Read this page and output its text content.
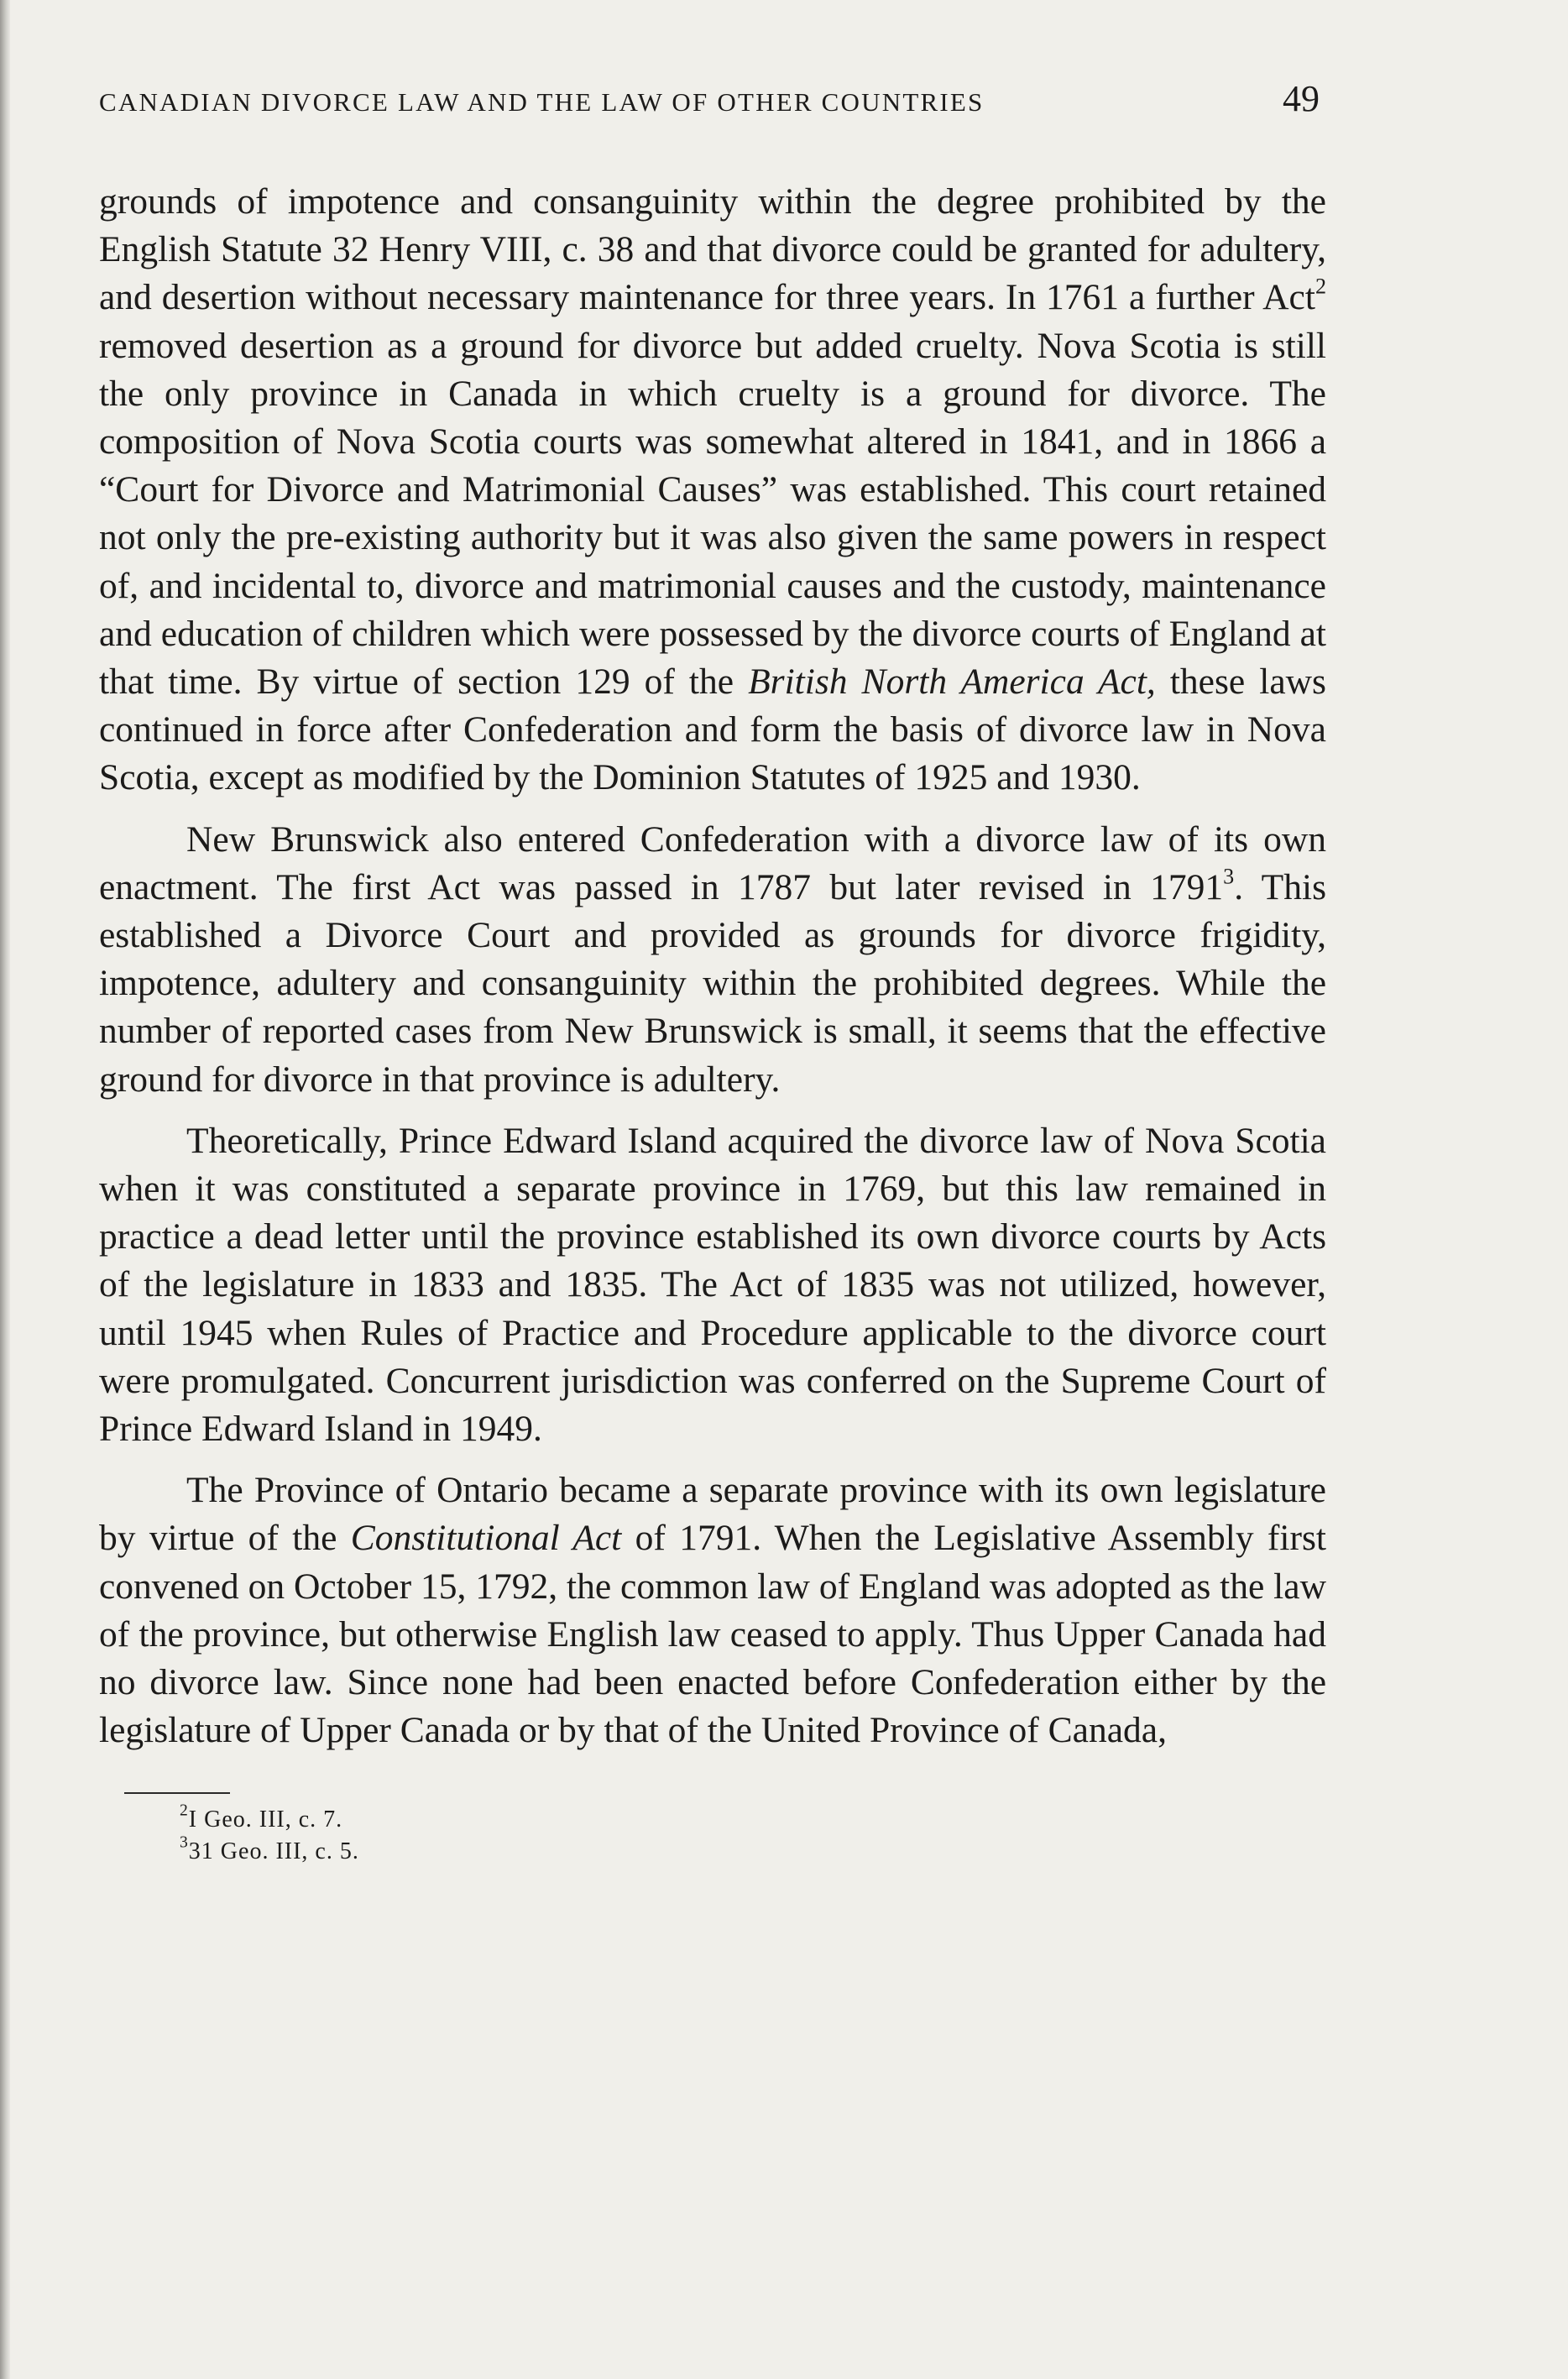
CANADIAN DIVORCE LAW AND THE LAW OF OTHER COUNTRIES	49

grounds of impotence and consanguinity within the degree prohibited by the English Statute 32 Henry VIII, c. 38 and that divorce could be granted for adultery, and desertion without necessary maintenance for three years. In 1761 a further Act$^2$ removed desertion as a ground for divorce but added cruelty. Nova Scotia is still the only province in Canada in which cruelty is a ground for divorce. The composition of Nova Scotia courts was somewhat altered in 1841, and in 1866 a “Court for Divorce and Matrimonial Causes” was established. This court retained not only the pre-existing authority but it was also given the same powers in respect of, and incidental to, divorce and matrimonial causes and the custody, maintenance and education of children which were possessed by the divorce courts of England at that time. By virtue of section 129 of the British North America Act, these laws continued in force after Confederation and form the basis of divorce law in Nova Scotia, except as modified by the Dominion Statutes of 1925 and 1930.

New Brunswick also entered Confederation with a divorce law of its own enactment. The first Act was passed in 1787 but later revised in 1791$^3$. This established a Divorce Court and provided as grounds for divorce frigidity, impotence, adultery and consanguinity within the prohibited degrees. While the number of reported cases from New Brunswick is small, it seems that the effective ground for divorce in that province is adultery.

Theoretically, Prince Edward Island acquired the divorce law of Nova Scotia when it was constituted a separate province in 1769, but this law remained in practice a dead letter until the province established its own divorce courts by Acts of the legislature in 1833 and 1835. The Act of 1835 was not utilized, however, until 1945 when Rules of Practice and Procedure applicable to the divorce court were promulgated. Concurrent jurisdiction was conferred on the Supreme Court of Prince Edward Island in 1949.

The Province of Ontario became a separate province with its own legislature by virtue of the Constitutional Act of 1791. When the Legislative Assembly first convened on October 15, 1792, the common law of England was adopted as the law of the province, but otherwise English law ceased to apply. Thus Upper Canada had no divorce law. Since none had been enacted before Confederation either by the legislature of Upper Canada or by that of the United Province of Canada,

$^2$I Geo. III, c. 7.
$^3$31 Geo. III, c. 5.
